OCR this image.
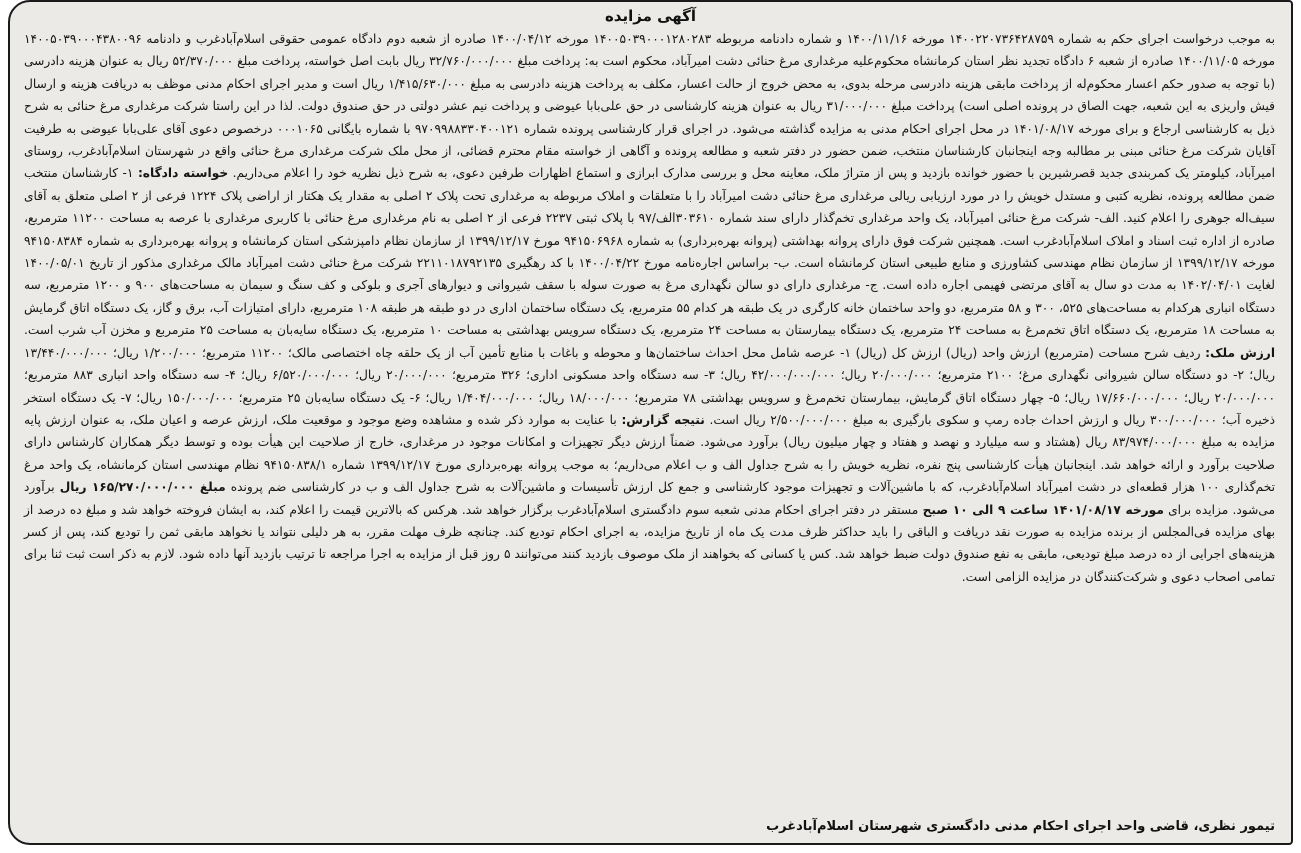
آگهی مزایده

به موجب درخواست اجرای حکم به شماره ۱۴۰۰۲۲۰۷۳۶۴۲۸۷۵۹ مورخه ۱۴۰۰/۱۱/۱۶ و شماره دادنامه مربوطه ۱۴۰۰۵۰۳۹۰۰۰۱۲۸۰۲۸۳ مورخه ۱۴۰۰/۰۴/۱۲ صادره از شعبه دوم دادگاه عمومی حقوقی اسلام‌آبادغرب و دادنامه ۱۴۰۰۵۰۳۹۰۰۰۴۳۸۰۰۹۶ مورخه ۱۴۰۰/۱۱/۰۵ صادره از شعبه ۶ دادگاه تجدید نظر استان کرمانشاه محکوم‌علیه مرغداری مرغ حنائی دشت امیرآباد، محکوم است به: پرداخت مبلغ ۳۲/۷۶۰/۰۰۰/۰۰۰ ریال بابت اصل خواسته، پرداخت مبلغ ۵۲/۳۷۰/۰۰۰ ریال به عنوان هزینه دادرسی (با توجه به صدور حکم اعسار محکوم‌له از پرداخت مابقی هزینه دادرسی مرحله بدوی، به محض خروج از حالت اعسار، مکلف به پرداخت هزینه دادرسی به مبلغ ۱/۴۱۵/۶۳۰/۰۰۰ ریال است و مدیر اجرای احکام مدنی موظف به دریافت هزینه و ارسال فیش واریزی به این شعبه، جهت الصاق در پرونده اصلی است) پرداخت مبلغ ۳۱/۰۰۰/۰۰۰ ریال به عنوان هزینه کارشناسی در حق علی‌بابا عیوضی و پرداخت نیم عشر دولتی در حق صندوق دولت. لذا در این راستا شرکت مرغداری مرغ حنائی به شرح ذیل به کارشناسی ارجاع و برای مورخه ۱۴۰۱/۰۸/۱۷ در محل اجرای احکام مدنی به مزایده گذاشته می‌شود. در اجرای قرار کارشناسی پرونده شماره ۹۷۰۹۹۸۸۳۳۰۴۰۰۱۲۱ با شماره بایگانی ۰۰۰۱۰۶۵ درخصوص دعوی آقای علی‌بابا عیوضی به طرفیت آقایان شرکت مرغ حنائی مبنی بر مطالبه وجه اینجانبان کارشناسان منتخب، ضمن حضور در دفتر شعبه و مطالعه پرونده و آگاهی از خواسته مقام محترم قضائی، از محل ملک شرکت مرغداری مرغ حنائی واقع در شهرستان اسلام‌آبادغرب، روستای امیرآباد، کیلومتر یک کمربندی جدید قصرشیرین با حضور خوانده بازدید و پس از متراژ ملک، معاینه محل و بررسی مدارک ابرازی و استماع اظهارات طرفین دعوی، به شرح ذیل نظریه خود را اعلام می‌داریم. خواسته دادگاه: ۱- کارشناسان منتخب ضمن مطالعه پرونده، نظریه کتبی و مستدل خویش را در مورد ارزیابی ریالی مرغداری مرغ حنائی دشت امیرآباد را با متعلقات و املاک مربوطه به مرغداری تحت پلاک ۲ اصلی به مقدار یک هکتار از اراضی پلاک ۱۲۲۴ فرعی از ۲ اصلی متعلق به آقای سیف‌اله جوهری را اعلام کنید. الف- شرکت مرغ حنائی امیرآباد، یک واحد مرغداری تخم‌گذار دارای سند شماره ۳۰۳۶۱۰الف/۹۷ با پلاک ثبتی ۲۲۳۷ فرعی از ۲ اصلی به نام مرغداری مرغ حنائی با کاربری مرغداری با عرصه به مساحت ۱۱۲۰۰ مترمربع، صادره از اداره ثبت اسناد و املاک اسلام‌آبادغرب است. همچنین شرکت فوق دارای پروانه بهداشتی (پروانه بهره‌برداری) به شماره ۹۴۱۵۰۶۹۶۸ مورخ ۱۳۹۹/۱۲/۱۷ از سازمان نظام دامپزشکی استان کرمانشاه و پروانه بهره‌برداری به شماره ۹۴۱۵۰۸۳۸۴ مورخه ۱۳۹۹/۱۲/۱۷ از سازمان نظام مهندسی کشاورزی و منابع طبیعی استان کرمانشاه است. ب- براساس اجاره‌نامه مورخ ۱۴۰۰/۰۴/۲۲ با کد رهگیری ۲۲۱۱۰۱۸۷۹۲۱۳۵ شرکت مرغ حنائی دشت امیرآباد مالک مرغداری مذکور از تاریخ ۱۴۰۰/۰۵/۰۱ لغایت ۱۴۰۲/۰۴/۰۱ به مدت دو سال به آقای مرتضی فهیمی اجاره داده است. ج- مرغداری دارای دو سالن نگهداری مرغ به صورت سوله با سقف شیروانی و دیوارهای آجری و بلوکی و کف سنگ و سیمان به مساحت‌های ۹۰۰ و ۱۲۰۰ مترمربع، سه دستگاه انباری هرکدام به مساحت‌های ۵۲۵، ۳۰۰ و ۵۸ مترمربع، دو واحد ساختمان خانه کارگری در یک طبقه هر کدام ۵۵ مترمربع، یک دستگاه ساختمان اداری در دو طبقه هر طبقه ۱۰۸ مترمربع، دارای امتیازات آب، برق و گاز، یک دستگاه اتاق گرمایش به مساحت ۱۸ مترمربع، یک دستگاه اتاق تخم‌مرغ به مساحت ۲۴ مترمربع، یک دستگاه بیمارستان به مساحت ۲۴ مترمربع، یک دستگاه سرویس بهداشتی به مساحت ۱۰ مترمربع، یک دستگاه سایه‌بان به مساحت ۲۵ مترمربع و مخزن آب شرب است. ارزش ملک: ردیف شرح مساحت (مترمربع) ارزش واحد (ریال) ارزش کل (ریال) ۱- عرصه شامل محل احداث ساختمان‌ها و محوطه و باغات با منابع تأمین آب از یک حلقه چاه اختصاصی مالک؛ ۱۱۲۰۰ مترمربع؛ ۱/۲۰۰/۰۰۰ ریال؛ ۱۳/۴۴۰/۰۰۰/۰۰۰ ریال؛ ۲- دو دستگاه سالن شیروانی نگهداری مرغ؛ ۲۱۰۰ مترمربع؛ ۲۰/۰۰۰/۰۰۰ ریال؛ ۴۲/۰۰۰/۰۰۰/۰۰۰ ریال؛ ۳- سه دستگاه واحد مسکونی اداری؛ ۳۲۶ مترمربع؛ ۲۰/۰۰۰/۰۰۰ ریال؛ ۶/۵۲۰/۰۰۰/۰۰۰ ریال؛ ۴- سه دستگاه واحد انباری ۸۸۳ مترمربع؛ ۲۰/۰۰۰/۰۰۰ ریال؛ ۱۷/۶۶۰/۰۰۰/۰۰۰ ریال؛ ۵- چهار دستگاه اتاق گرمایش، بیمارستان تخم‌مرغ و سرویس بهداشتی ۷۸ مترمربع؛ ۱۸/۰۰۰/۰۰۰ ریال؛ ۱/۴۰۴/۰۰۰/۰۰۰ ریال؛ ۶- یک دستگاه سایه‌بان ۲۵ مترمربع؛ ۱۵۰/۰۰۰/۰۰۰ ریال؛ ۷- یک دستگاه استخر ذخیره آب؛ ۳۰۰/۰۰۰/۰۰۰ ریال و ارزش احداث جاده رمپ و سکوی بارگیری به مبلغ ۲/۵۰۰/۰۰۰/۰۰۰ ریال است. نتیجه گزارش: با عنایت به موارد ذکر شده و مشاهده وضع موجود و موقعیت ملک، ارزش عرصه و اعیان ملک، به عنوان ارزش پایه مزایده به مبلغ ۸۳/۹۷۴/۰۰۰/۰۰۰ ریال (هشتاد و سه میلیارد و نهصد و هفتاد و چهار میلیون ریال) برآورد می‌شود. ضمناً ارزش دیگر تجهیزات و امکانات موجود در مرغداری، خارج از صلاحیت این هیأت بوده و توسط دیگر همکاران کارشناس دارای صلاحیت برآورد و ارائه خواهد شد. اینجانبان هیأت کارشناسی پنج نفره، نظریه خویش را به شرح جداول الف و ب اعلام می‌داریم؛ به موجب پروانه بهره‌برداری مورخ ۱۳۹۹/۱۲/۱۷ شماره ۹۴۱۵۰۸۳۸/۱ نظام مهندسی استان کرمانشاه، یک واحد مرغ تخم‌گذاری ۱۰۰ هزار قطعه‌ای در دشت امیرآباد اسلام‌آبادغرب، که با ماشین‌آلات و تجهیزات موجود کارشناسی و جمع کل ارزش تأسیسات و ماشین‌آلات به شرح جداول الف و ب در کارشناسی ضم پرونده مبلغ ۱۶۵/۲۷۰/۰۰۰/۰۰۰ ریال برآورد می‌شود. مزایده برای مورخه ۱۴۰۱/۰۸/۱۷ ساعت ۹ الی ۱۰ صبح مستقر در دفتر اجرای احکام مدنی شعبه سوم دادگستری اسلام‌آبادغرب برگزار خواهد شد. هرکس که بالاترین قیمت را اعلام کند، به ایشان فروخته خواهد شد و مبلغ ده درصد از بهای مزایده فی‌المجلس از برنده مزایده به صورت نقد دریافت و الباقی را باید حداکثر ظرف مدت یک ماه از تاریخ مزایده، به اجرای احکام تودیع کند. چنانچه ظرف مهلت مقرر، به هر دلیلی نتواند یا نخواهد مابقی ثمن را تودیع کند، پس از کسر هزینه‌های اجرایی از ده درصد مبلغ تودیعی، مابقی به نفع صندوق دولت ضبط خواهد شد. کس یا کسانی که بخواهند از ملک موصوف بازدید کنند می‌توانند ۵ روز قبل از مزایده به اجرا مراجعه تا ترتیب بازدید آنها داده شود. لازم به ذکر است ثبت ثنا برای تمامی اصحاب دعوی و شرکت‌کنندگان در مزایده الزامی است.

تیمور نظری، قاضی واحد اجرای احکام مدنی دادگستری شهرستان اسلام‌آبادغرب
